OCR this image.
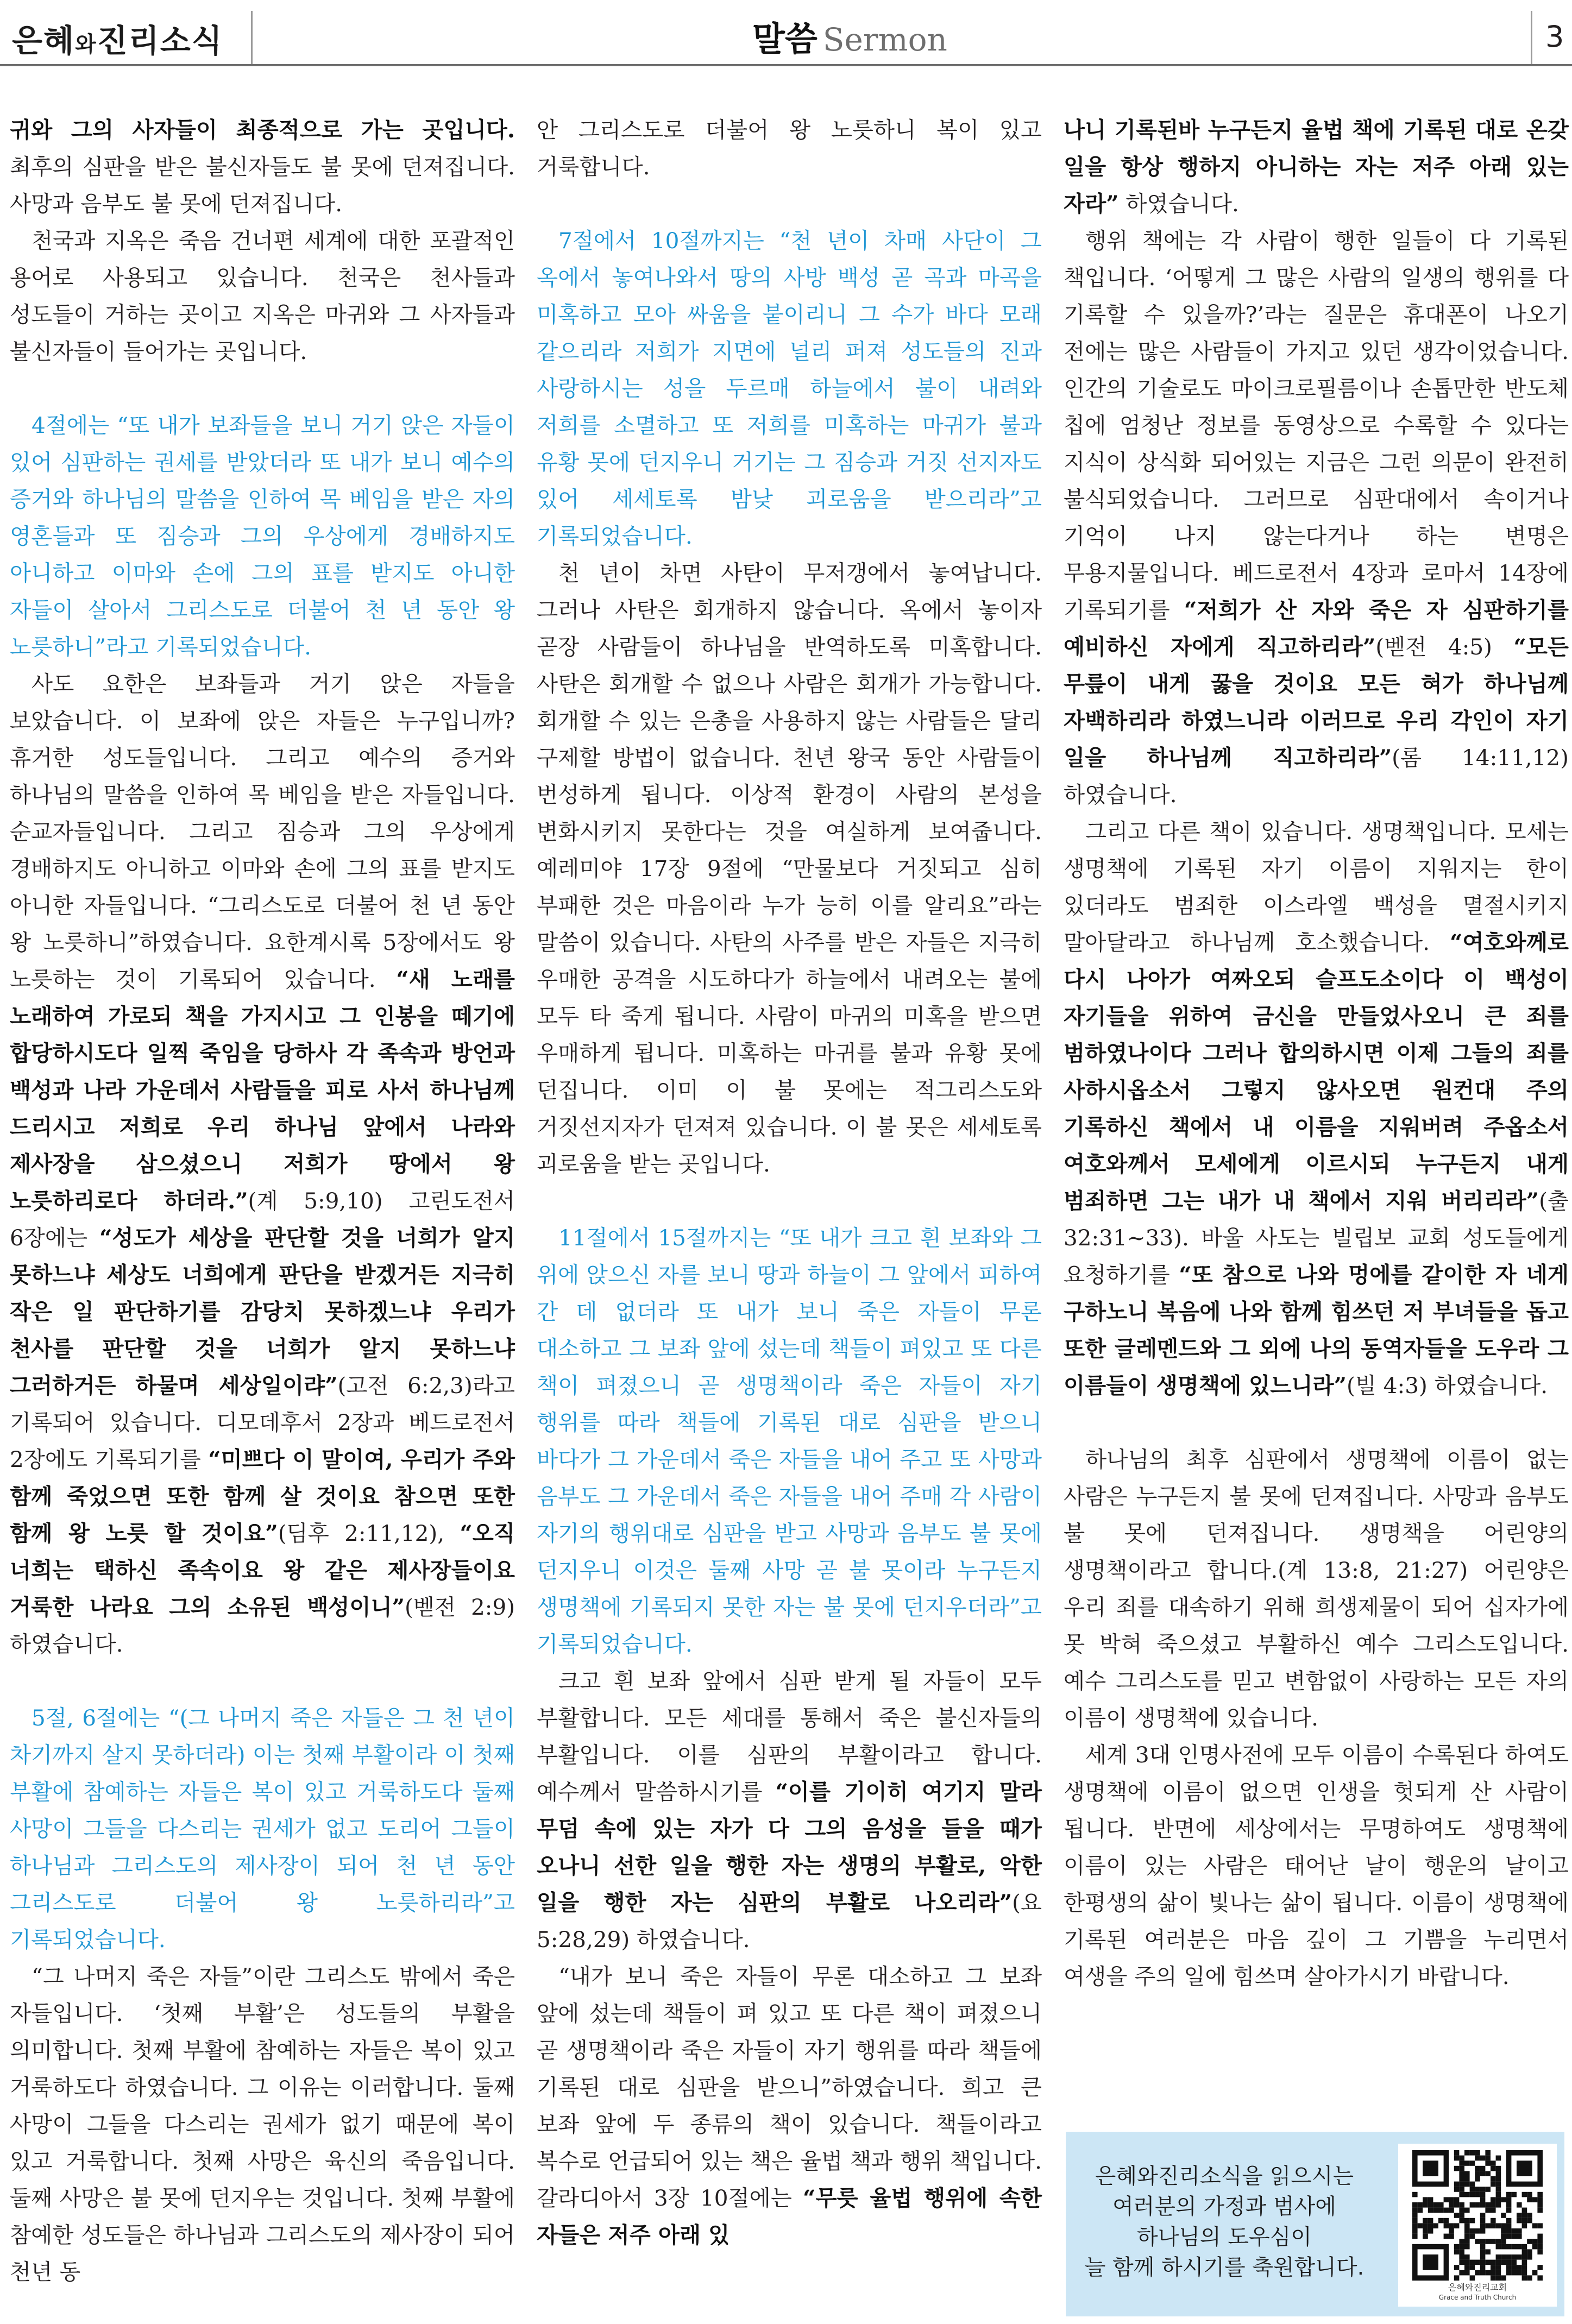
은혜와진리소식	말씀 Sermon	3

귀와 그의 사자들이 최종적으로 가는 곳입니다. 최후의 심판을 받은 불신자들도 불 못에 던져집니다. 사망과 음부도 불 못에 던져집니다.

천국과 지옥은 죽음 건너편 세계에 대한 포괄적인 용어로 사용되고 있습니다. 천국은 천사들과 성도들이 거하는 곳이고 지옥은 마귀와 그 사자들과 불신자들이 들어가는 곳입니다.

4절에는 “또 내가 보좌들을 보니 거기 앉은 자들이 있어 심판하는 권세를 받았더라 또 내가 보니 예수의 증거와 하나님의 말씀을 인하여 목 베임을 받은 자의 영혼들과 또 짐승과 그의 우상에게 경배하지도 아니하고 이마와 손에 그의 표를 받지도 아니한 자들이 살아서 그리스도로 더불어 천 년 동안 왕 노릇하니”라고 기록되었습니다.

사도 요한은 보좌들과 거기 앉은 자들을 보았습니다. 이 보좌에 앉은 자들은 누구입니까? 휴거한 성도들입니다. 그리고 예수의 증거와 하나님의 말씀을 인하여 목 베임을 받은 자들입니다. 순교자들입니다. 그리고 짐승과 그의 우상에게 경배하지도 아니하고 이마와 손에 그의 표를 받지도 아니한 자들입니다. “그리스도로 더불어 천 년 동안 왕 노릇하니”하였습니다. 요한계시록 5장에서도 왕 노릇하는 것이 기록되어 있습니다. “새 노래를 노래하여 가로되 책을 가지시고 그 인봉을 떼기에 합당하시도다 일찍 죽임을 당하사 각 족속과 방언과 백성과 나라 가운데서 사람들을 피로 사서 하나님께 드리시고 저희로 우리 하나님 앞에서 나라와 제사장을 삼으셨으니 저희가 땅에서 왕 노릇하리로다 하더라.”(계 5:9,10) 고린도전서 6장에는 “성도가 세상을 판단할 것을 너희가 알지 못하느냐 세상도 너희에게 판단을 받겠거든 지극히 작은 일 판단하기를 감당치 못하겠느냐 우리가 천사를 판단할 것을 너희가 알지 못하느냐 그러하거든 하물며 세상일이랴”(고전 6:2,3)라고 기록되어 있습니다. 디모데후서 2장과 베드로전서 2장에도 기록되기를 “미쁘다 이 말이여, 우리가 주와 함께 죽었으면 또한 함께 살 것이요 참으면 또한 함께 왕 노릇 할 것이요”(딤후 2:11,12), “오직 너희는 택하신 족속이요 왕 같은 제사장들이요 거룩한 나라요 그의 소유된 백성이니”(벧전 2:9) 하였습니다.

5절, 6절에는 “(그 나머지 죽은 자들은 그 천 년이 차기까지 살지 못하더라) 이는 첫째 부활이라 이 첫째 부활에 참예하는 자들은 복이 있고 거룩하도다 둘째 사망이 그들을 다스리는 권세가 없고 도리어 그들이 하나님과 그리스도의 제사장이 되어 천 년 동안 그리스도로 더불어 왕 노릇하리라”고 기록되었습니다.

“그 나머지 죽은 자들”이란 그리스도 밖에서 죽은 자들입니다. ‘첫째 부활’은 성도들의 부활을 의미합니다. 첫째 부활에 참예하는 자들은 복이 있고 거룩하도다 하였습니다. 그 이유는 이러합니다. 둘째 사망이 그들을 다스리는 권세가 없기 때문에 복이 있고 거룩합니다. 첫째 사망은 육신의 죽음입니다. 둘째 사망은 불 못에 던지우는 것입니다. 첫째 부활에 참예한 성도들은 하나님과 그리스도의 제사장이 되어 천년 동

안 그리스도로 더불어 왕 노릇하니 복이 있고 거룩합니다.

7절에서 10절까지는 “천 년이 차매 사단이 그 옥에서 놓여나와서 땅의 사방 백성 곧 곡과 마곡을 미혹하고 모아 싸움을 붙이리니 그 수가 바다 모래 같으리라 저희가 지면에 널리 퍼져 성도들의 진과 사랑하시는 성을 두르매 하늘에서 불이 내려와 저희를 소멸하고 또 저희를 미혹하는 마귀가 불과 유황 못에 던지우니 거기는 그 짐승과 거짓 선지자도 있어 세세토록 밤낮 괴로움을 받으리라”고 기록되었습니다.

천 년이 차면 사탄이 무저갱에서 놓여납니다. 그러나 사탄은 회개하지 않습니다. 옥에서 놓이자 곧장 사람들이 하나님을 반역하도록 미혹합니다. 사탄은 회개할 수 없으나 사람은 회개가 가능합니다. 회개할 수 있는 은총을 사용하지 않는 사람들은 달리 구제할 방법이 없습니다. 천년 왕국 동안 사람들이 번성하게 됩니다. 이상적 환경이 사람의 본성을 변화시키지 못한다는 것을 여실하게 보여줍니다. 예레미야 17장 9절에 “만물보다 거짓되고 심히 부패한 것은 마음이라 누가 능히 이를 알리요”라는 말씀이 있습니다. 사탄의 사주를 받은 자들은 지극히 우매한 공격을 시도하다가 하늘에서 내려오는 불에 모두 타 죽게 됩니다. 사람이 마귀의 미혹을 받으면 우매하게 됩니다. 미혹하는 마귀를 불과 유황 못에 던집니다. 이미 이 불 못에는 적그리스도와 거짓선지자가 던져져 있습니다. 이 불 못은 세세토록 괴로움을 받는 곳입니다.

11절에서 15절까지는 “또 내가 크고 흰 보좌와 그 위에 앉으신 자를 보니 땅과 하늘이 그 앞에서 피하여 간 데 없더라 또 내가 보니 죽은 자들이 무론 대소하고 그 보좌 앞에 섰는데 책들이 펴있고 또 다른 책이 펴졌으니 곧 생명책이라 죽은 자들이 자기 행위를 따라 책들에 기록된 대로 심판을 받으니 바다가 그 가운데서 죽은 자들을 내어 주고 또 사망과 음부도 그 가운데서 죽은 자들을 내어 주매 각 사람이 자기의 행위대로 심판을 받고 사망과 음부도 불 못에 던지우니 이것은 둘째 사망 곧 불 못이라 누구든지 생명책에 기록되지 못한 자는 불 못에 던지우더라”고 기록되었습니다.

크고 흰 보좌 앞에서 심판 받게 될 자들이 모두 부활합니다. 모든 세대를 통해서 죽은 불신자들의 부활입니다. 이를 심판의 부활이라고 합니다. 예수께서 말씀하시기를 “이를 기이히 여기지 말라 무덤 속에 있는 자가 다 그의 음성을 들을 때가 오나니 선한 일을 행한 자는 생명의 부활로, 악한 일을 행한 자는 심판의 부활로 나오리라”(요 5:28,29) 하였습니다.

“내가 보니 죽은 자들이 무론 대소하고 그 보좌 앞에 섰는데 책들이 펴 있고 또 다른 책이 펴졌으니 곧 생명책이라 죽은 자들이 자기 행위를 따라 책들에 기록된 대로 심판을 받으니”하였습니다. 희고 큰 보좌 앞에 두 종류의 책이 있습니다. 책들이라고 복수로 언급되어 있는 책은 율법 책과 행위 책입니다. 갈라디아서 3장 10절에는 “무릇 율법 행위에 속한 자들은 저주 아래 있

나니 기록된바 누구든지 율법 책에 기록된 대로 온갖 일을 항상 행하지 아니하는 자는 저주 아래 있는 자라” 하였습니다.

행위 책에는 각 사람이 행한 일들이 다 기록된 책입니다. ‘어떻게 그 많은 사람의 일생의 행위를 다 기록할 수 있을까?’라는 질문은 휴대폰이 나오기 전에는 많은 사람들이 가지고 있던 생각이었습니다. 인간의 기술로도 마이크로필름이나 손톱만한 반도체 칩에 엄청난 정보를 동영상으로 수록할 수 있다는 지식이 상식화 되어있는 지금은 그런 의문이 완전히 불식되었습니다. 그러므로 심판대에서 속이거나 기억이 나지 않는다거나 하는 변명은 무용지물입니다. 베드로전서 4장과 로마서 14장에 기록되기를 “저희가 산 자와 죽은 자 심판하기를 예비하신 자에게 직고하리라”(벧전 4:5) “모든 무릎이 내게 꿇을 것이요 모든 혀가 하나님께 자백하리라 하였느니라 이러므로 우리 각인이 자기 일을 하나님께 직고하리라”(롬 14:11,12) 하였습니다.

그리고 다른 책이 있습니다. 생명책입니다. 모세는 생명책에 기록된 자기 이름이 지워지는 한이 있더라도 범죄한 이스라엘 백성을 멸절시키지 말아달라고 하나님께 호소했습니다. “여호와께로 다시 나아가 여짜오되 슬프도소이다 이 백성이 자기들을 위하여 금신을 만들었사오니 큰 죄를 범하였나이다 그러나 합의하시면 이제 그들의 죄를 사하시옵소서 그렇지 않사오면 원컨대 주의 기록하신 책에서 내 이름을 지워버려 주옵소서 여호와께서 모세에게 이르시되 누구든지 내게 범죄하면 그는 내가 내 책에서 지워 버리리라”(출 32:31~33). 바울 사도는 빌립보 교회 성도들에게 요청하기를 “또 참으로 나와 멍에를 같이한 자 네게 구하노니 복음에 나와 함께 힘쓰던 저 부녀들을 돕고 또한 글레멘드와 그 외에 나의 동역자들을 도우라 그 이름들이 생명책에 있느니라”(빌 4:3) 하였습니다.

하나님의 최후 심판에서 생명책에 이름이 없는 사람은 누구든지 불 못에 던져집니다. 사망과 음부도 불 못에 던져집니다. 생명책을 어린양의 생명책이라고 합니다.(계 13:8, 21:27) 어린양은 우리 죄를 대속하기 위해 희생제물이 되어 십자가에 못 박혀 죽으셨고 부활하신 예수 그리스도입니다. 예수 그리스도를 믿고 변함없이 사랑하는 모든 자의 이름이 생명책에 있습니다.

세계 3대 인명사전에 모두 이름이 수록된다 하여도 생명책에 이름이 없으면 인생을 헛되게 산 사람이 됩니다. 반면에 세상에서는 무명하여도 생명책에 이름이 있는 사람은 태어난 날이 행운의 날이고 한평생의 삶이 빛나는 삶이 됩니다. 이름이 생명책에 기록된 여러분은 마음 깊이 그 기쁨을 누리면서 여생을 주의 일에 힘쓰며 살아가시기 바랍니다.

은혜와진리소식을 읽으시는
여러분의 가정과 범사에
하나님의 도우심이
늘 함께 하시기를 축원합니다.
은혜와진리교회
Grace and Truth Church
